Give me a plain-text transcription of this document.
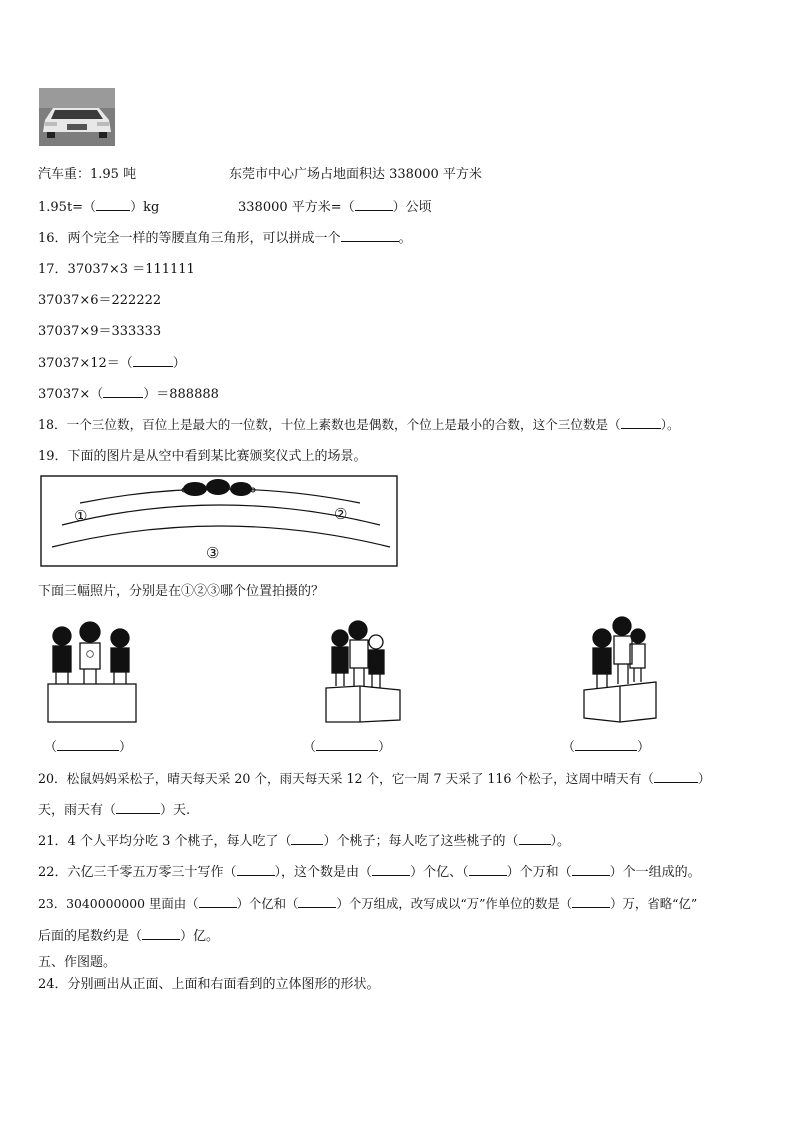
汽车重：1.95 吨	东莞市中心广场占地面积达 338000 平方米
1.95t=（	）kg	338000 平方米=（	）公顷
16．两个完全一样的等腰直角三角形，可以拼成一个	。
17．37037×3 ＝111111
37037×6＝222222
37037×9＝333333
37037×12＝（	）
37037×（	）＝888888
18．一个三位数，百位上是最大的一位数，十位上素数也是偶数，个位上是最小的合数，这个三位数是（	）。
19．下面的图片是从空中看到某比赛颁奖仪式上的场景。
①	②
③
下面三幅照片，分别是在①②③哪个位置拍摄的？
（	）	（	）	（	）
20．松鼠妈妈采松子，晴天每天采 20 个，雨天每天采 12 个，它一周 7 天采了 116 个松子，这周中晴天有（	）
天，雨天有（	）天.
21．4 个人平均分吃 3 个桃子，每人吃了（ ）个桃子；每人吃了这些桃子的（ ）。
22．六亿三千零五万零三十写作（	），这个数是由（	）个亿、（	）个万和（	）个一组成的。
23．3040000000 里面由（	）个亿和（	）个万组成，改写成以“万”作单位的数是（	）万，省略“亿”
后面的尾数约是（	）亿。
五、作图题。
24．分别画出从正面、上面和右面看到的立体图形的形状。
